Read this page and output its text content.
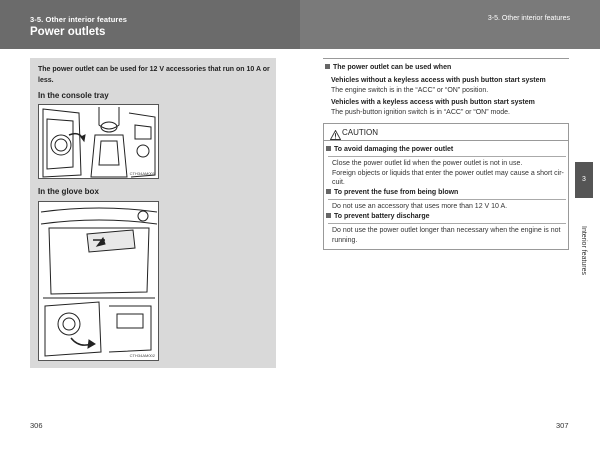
3-5. Other interior features
Power outlets
3-5. Other interior features
The power outlet can be used for 12 V accessories that run on 10 A or less.
In the console tray
CTH34AM001
In the glove box
CTH34AM002
306
The power outlet can be used when
Vehicles without a keyless access with push button start system
The engine switch is in the “ACC” or “ON” position.
Vehicles with a keyless access with push button start system
The push-button ignition switch is in “ACC” or “ON” mode.
CAUTION
To avoid damaging the power outlet
Close the power outlet lid when the power outlet is not in use.
Foreign objects or liquids that enter the power outlet may cause a short cir-
cuit.
To prevent the fuse from being blown
Do not use an accessory that uses more than 12 V 10 A.
To prevent battery discharge
Do not use the power outlet longer than necessary when the engine is not
running.
3
Interior features
307
